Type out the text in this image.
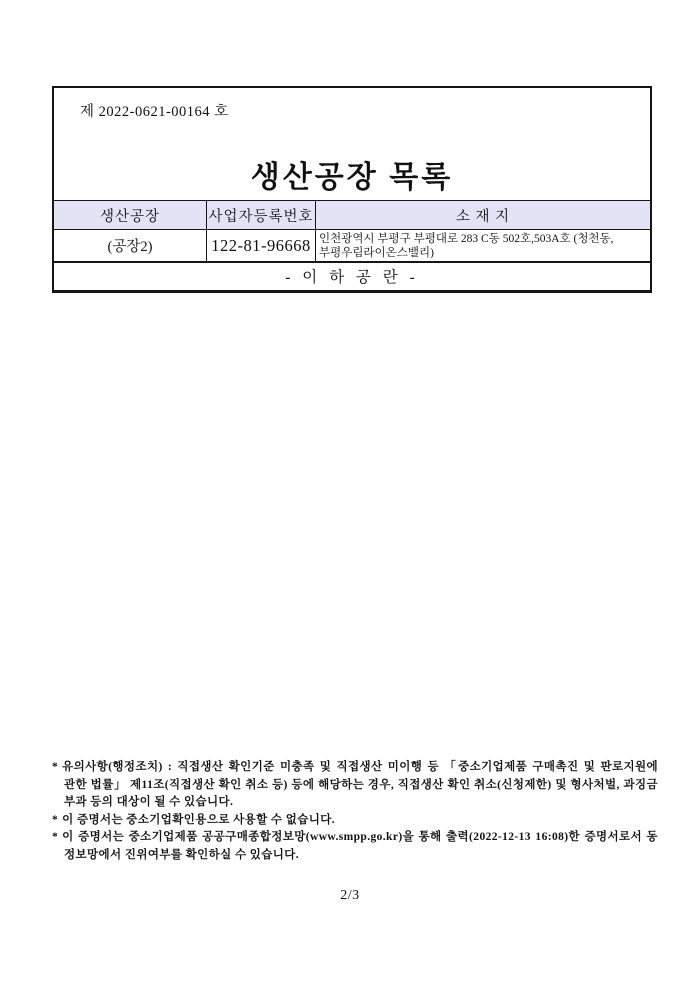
제 2022-0621-00164 호
생산공장 목록
생산공장	사업자등록번호	소 재 지
(공장2)	122-81-96668 인천광역시 부평구 부평대로 283 C동 502호,503A호 (청천동, 부평우림라이온스밸리)
- 이 하 공 란 -

* 유의사항(행정조치) : 직접생산 확인기준 미충족 및 직접생산 미이행 등 「중소기업제품 구매촉진 및 판로지원에 관한 법률」 제11조(직접생산 확인 취소 등) 등에 해당하는 경우, 직접생산 확인 취소(신청제한) 및 형사처벌, 과징금 부과 등의 대상이 될 수 있습니다.

* 이 증명서는 중소기업확인용으로 사용할 수 없습니다.

* 이 증명서는 중소기업제품 공공구매종합정보망(www.smpp.go.kr)을 통해 출력(2022-12-13 16:08)한 증명서로서 동 정보망에서 진위여부를 확인하실 수 있습니다.

2/3
